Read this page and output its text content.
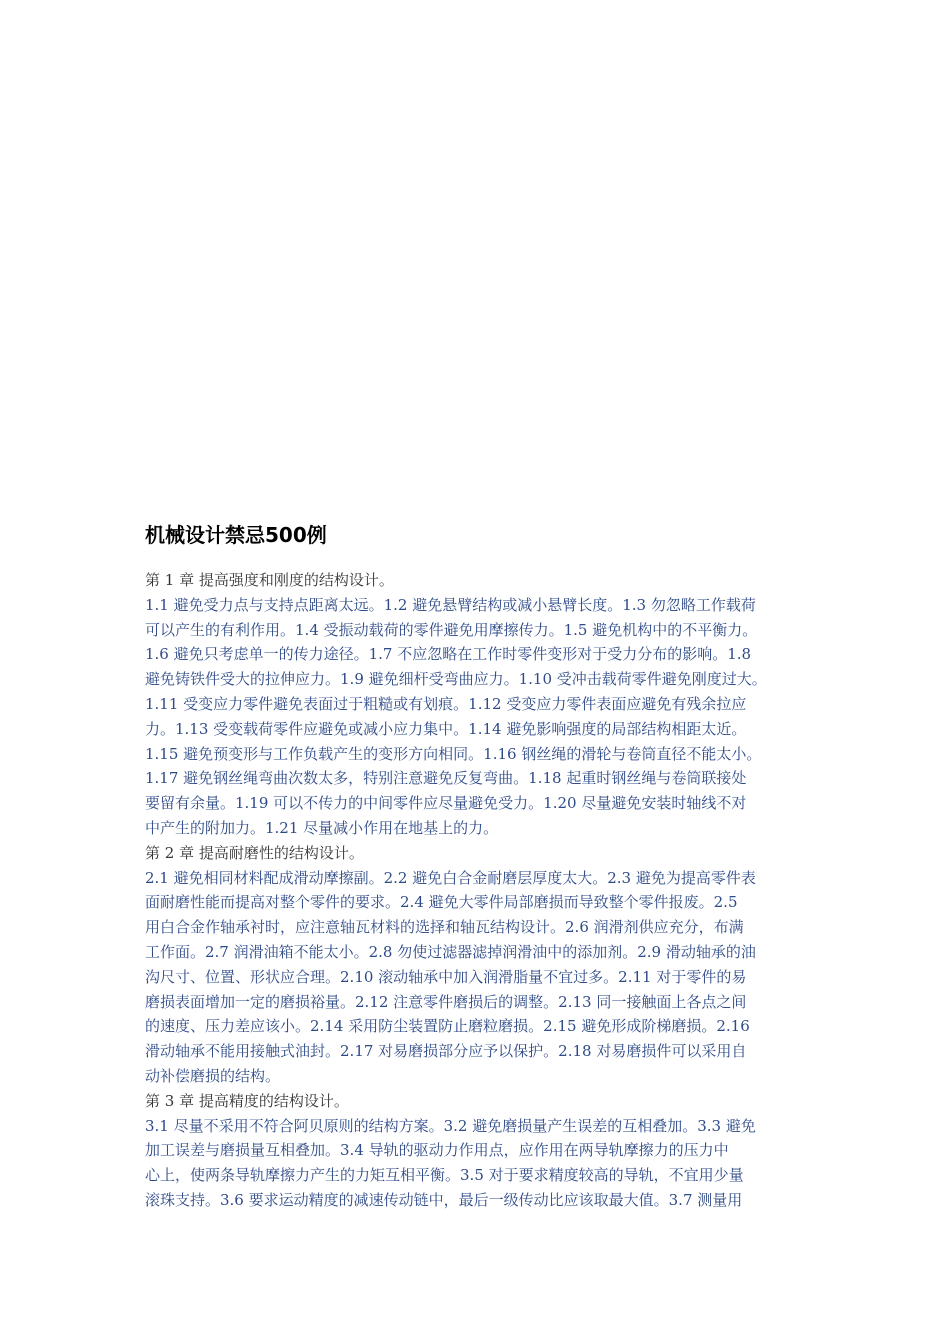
机械设计禁忌500例
第 1 章 提高强度和刚度的结构设计。
1.1 避免受力点与支持点距离太远。1.2 避免悬臂结构或减小悬臂长度。1.3 勿忽略工作载荷
可以产生的有利作用。1.4 受振动载荷的零件避免用摩擦传力。1.5 避免机构中的不平衡力。
1.6 避免只考虑单一的传力途径。1.7 不应忽略在工作时零件变形对于受力分布的影响。1.8
避免铸铁件受大的拉伸应力。1.9 避免细杆受弯曲应力。1.10 受冲击载荷零件避免刚度过大。
1.11 受变应力零件避免表面过于粗糙或有划痕。1.12 受变应力零件表面应避免有残余拉应
力。1.13 受变载荷零件应避免或减小应力集中。1.14 避免影响强度的局部结构相距太近。
1.15 避免预变形与工作负载产生的变形方向相同。1.16 钢丝绳的滑轮与卷筒直径不能太小。
1.17 避免钢丝绳弯曲次数太多，特别注意避免反复弯曲。1.18 起重时钢丝绳与卷筒联接处
要留有余量。1.19 可以不传力的中间零件应尽量避免受力。1.20 尽量避免安装时轴线不对
中产生的附加力。1.21 尽量减小作用在地基上的力。
第 2 章 提高耐磨性的结构设计。
2.1 避免相同材料配成滑动摩擦副。2.2 避免白合金耐磨层厚度太大。2.3 避免为提高零件表
面耐磨性能而提高对整个零件的要求。2.4 避免大零件局部磨损而导致整个零件报废。2.5
用白合金作轴承衬时，应注意轴瓦材料的选择和轴瓦结构设计。2.6 润滑剂供应充分，布满
工作面。2.7 润滑油箱不能太小。2.8 勿使过滤器滤掉润滑油中的添加剂。2.9 滑动轴承的油
沟尺寸、位置、形状应合理。2.10 滚动轴承中加入润滑脂量不宜过多。2.11 对于零件的易
磨损表面增加一定的磨损裕量。2.12 注意零件磨损后的调整。2.13 同一接触面上各点之间
的速度、压力差应该小。2.14 采用防尘装置防止磨粒磨损。2.15 避免形成阶梯磨损。2.16
滑动轴承不能用接触式油封。2.17 对易磨损部分应予以保护。2.18 对易磨损件可以采用自
动补偿磨损的结构。
第 3 章 提高精度的结构设计。
3.1 尽量不采用不符合阿贝原则的结构方案。3.2 避免磨损量产生误差的互相叠加。3.3 避免
加工误差与磨损量互相叠加。3.4 导轨的驱动力作用点，应作用在两导轨摩擦力的压力中
心上，使两条导轨摩擦力产生的力矩互相平衡。3.5 对于要求精度较高的导轨，不宜用少量
滚珠支持。3.6 要求运动精度的减速传动链中，最后一级传动比应该取最大值。3.7 测量用
